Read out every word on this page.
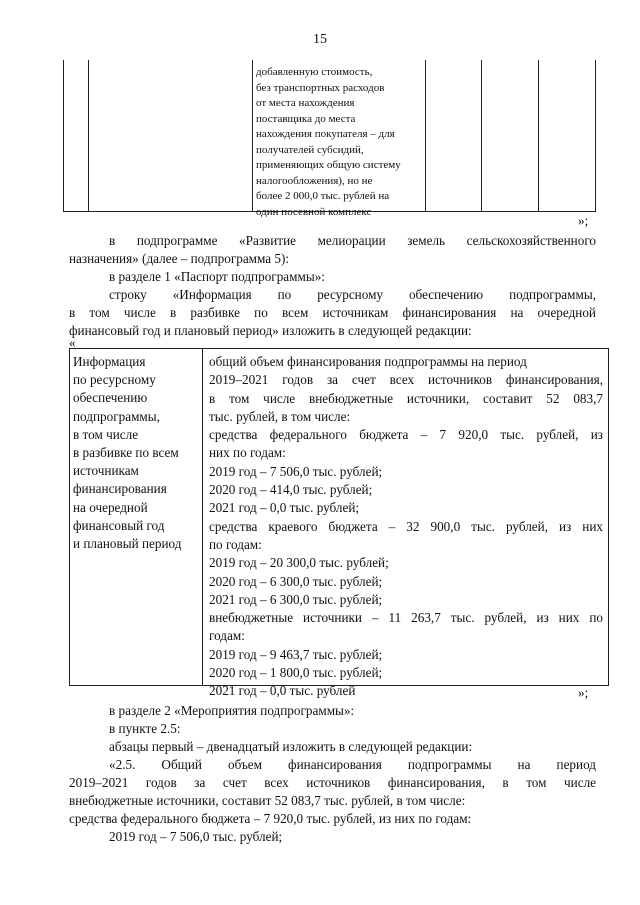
15
добавленную стоимость,
без транспортных расходов
от места нахождения
поставщика до места
нахождения покупателя – для
получателей субсидий,
применяющих общую систему
налогообложения), но не
более 2 000,0 тыс. рублей на
один посевной комплекс
»;
в подпрограмме «Развитие мелиорации земель сельскохозяйственного
назначения» (далее – подпрограмма 5):
в разделе 1 «Паспорт подпрограммы»:
строку «Информация по ресурсному обеспечению подпрограммы,
в том числе в разбивке по всем источникам финансирования на очередной
финансовый год и плановый период» изложить в следующей редакции:
«
Информация
по ресурсному
обеспечению
подпрограммы,
в том числе
в разбивке по всем
источникам
финансирования
на очередной
финансовый год
и плановый период
общий объем финансирования подпрограммы на период
2019–2021 годов за счет всех источников финансирования,
в том числе внебюджетные источники, составит 52 083,7
тыс. рублей, в том числе:
средства федерального бюджета – 7 920,0 тыс. рублей, из
них по годам:
2019 год – 7 506,0 тыс. рублей;
2020 год – 414,0 тыс. рублей;
2021 год – 0,0 тыс. рублей;
средства краевого бюджета – 32 900,0 тыс. рублей, из них
по годам:
2019 год – 20 300,0 тыс. рублей;
2020 год – 6 300,0 тыс. рублей;
2021 год – 6 300,0 тыс. рублей;
внебюджетные источники – 11 263,7 тыс. рублей, из них по
годам:
2019 год – 9 463,7 тыс. рублей;
2020 год – 1 800,0 тыс. рублей;
2021 год – 0,0 тыс. рублей	»;
в разделе 2 «Мероприятия подпрограммы»:
в пункте 2.5:
абзацы первый – двенадцатый изложить в следующей редакции:
«2.5. Общий объем финансирования подпрограммы на период
2019–2021 годов за счет всех источников финансирования, в том числе
внебюджетные источники, составит 52 083,7 тыс. рублей, в том числе:
средства федерального бюджета – 7 920,0 тыс. рублей, из них по годам:
2019 год – 7 506,0 тыс. рублей;
